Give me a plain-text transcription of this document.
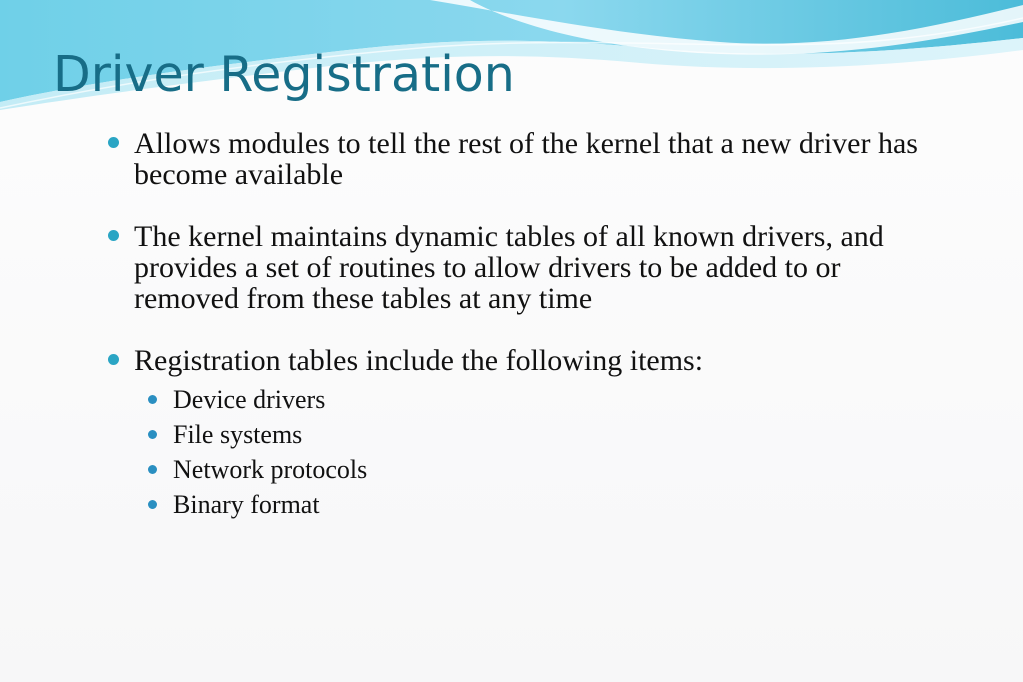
Driver Registration
Allows modules to tell the rest of the kernel that a new driver has become available
The kernel maintains dynamic tables of all known drivers, and provides a set of routines to allow drivers to be added to or removed from these tables at any time
Registration tables include the following items:
Device drivers
File systems
Network protocols
Binary format
